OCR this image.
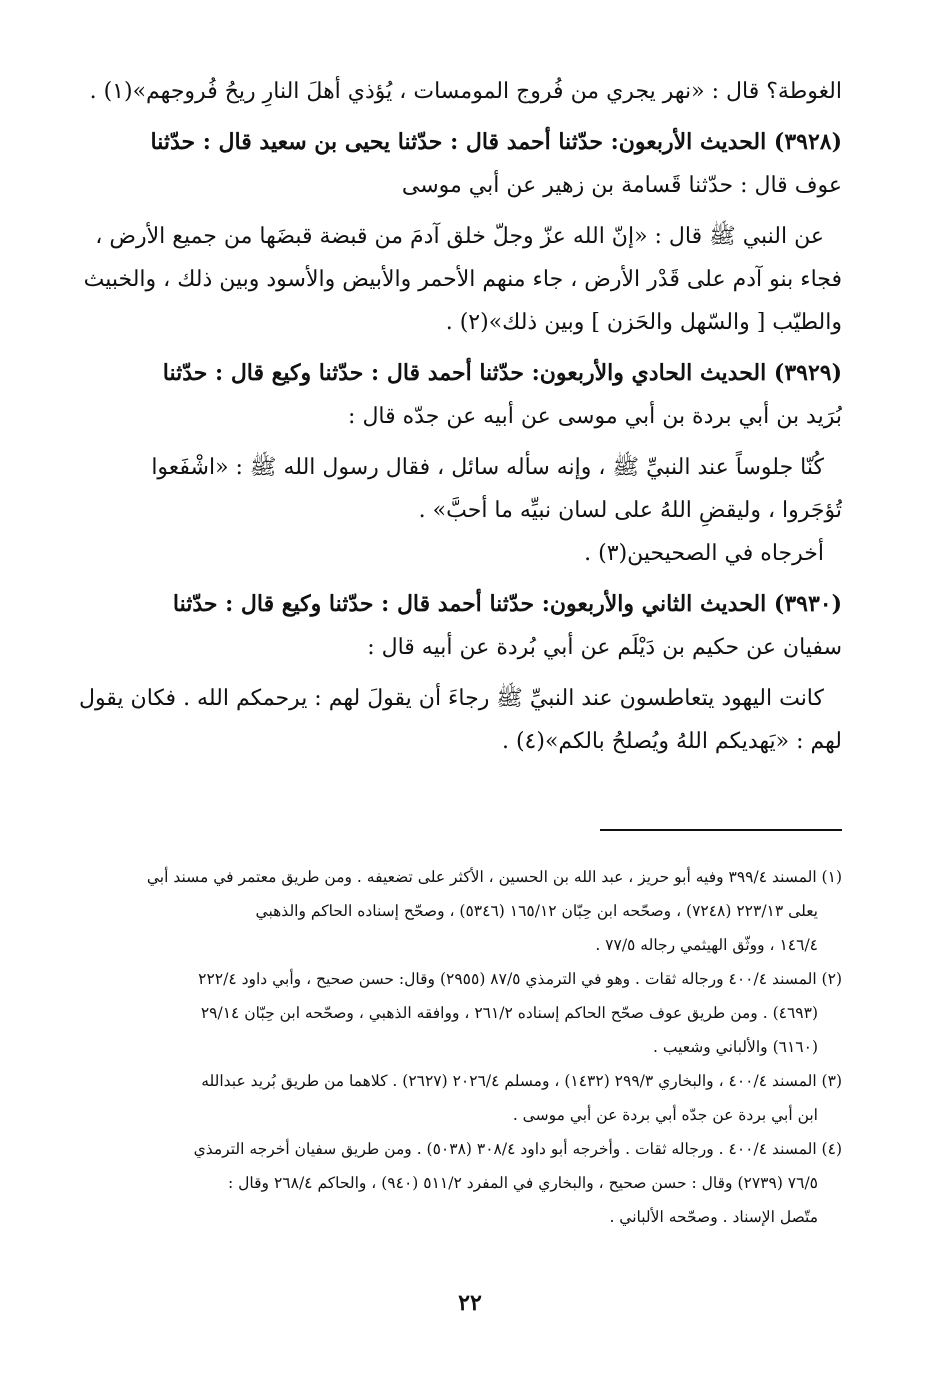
الغوطة؟ قال : «نهر يجري من فُروج المومسات ، يُؤذي أهلَ النارِ ريحُ فُروجهم»(١) .

(٣٩٢٨) الحديث الأربعون: حدّثنا أحمد قال : حدّثنا يحيى بن سعيد قال : حدّثنا

عوف قال : حدّثنا قَسامة بن زهير عن أبي موسى

عن النبي ﷺ قال : «إنّ الله عزّ وجلّ خلق آدمَ من قبضة قبضَها من جميع الأرض ،

فجاء بنو آدم على قَدْر الأرض ، جاء منهم الأحمر والأبيض والأسود وبين ذلك ، والخبيث

والطيّب [ والسّهل والحَزن ] وبين ذلك»(٢) .

(٣٩٢٩) الحديث الحادي والأربعون: حدّثنا أحمد قال : حدّثنا وكيع قال : حدّثنا

بُرَيد بن أبي بردة بن أبي موسى عن أبيه عن جدّه قال :

كُنّا جلوساً عند النبيِّ ﷺ ، وإنه سأله سائل ، فقال رسول الله ﷺ : «اشْفَعوا

تُؤجَروا ، وليقضِ اللهُ على لسان نبيِّه ما أحبَّ» .

أخرجاه في الصحيحين(٣) .

(٣٩٣٠) الحديث الثاني والأربعون: حدّثنا أحمد قال : حدّثنا وكيع قال : حدّثنا

سفيان عن حكيم بن دَيْلَم عن أبي بُردة عن أبيه قال :

كانت اليهود يتعاطسون عند النبيِّ ﷺ رجاءَ أن يقولَ لهم : يرحمكم الله . فكان يقول

لهم : «يَهديكم اللهُ ويُصلحُ بالكم»(٤) .

(١) المسند ٣٩٩/٤ وفيه أبو حريز ، عبد الله بن الحسين ، الأكثر على تضعيفه . ومن طريق معتمر في مسند أبي

يعلى ٢٢٣/١٣ (٧٢٤٨) ، وصحّحه ابن حِبّان ١٦٥/١٢ (٥٣٤٦) ، وصحّح إسناده الحاكم والذهبي

١٤٦/٤ ، ووثّق الهيثمي رجاله ٧٧/٥ .

(٢) المسند ٤٠٠/٤ ورجاله ثقات . وهو في الترمذي ٨٧/٥ (٢٩٥٥) وقال: حسن صحيح ، وأبي داود ٢٢٢/٤

(٤٦٩٣) . ومن طريق عوف صحّح الحاكم إسناده ٢٦١/٢ ، ووافقه الذهبي ، وصحّحه ابن حِبّان ٢٩/١٤

(٦١٦٠) والألباني وشعيب .

(٣) المسند ٤٠٠/٤ ، والبخاري ٢٩٩/٣ (١٤٣٢) ، ومسلم ٢٠٢٦/٤ (٢٦٢٧) . كلاهما من طريق بُريد عبدالله

ابن أبي بردة عن جدّه أبي بردة عن أبي موسى .

(٤) المسند ٤٠٠/٤ . ورجاله ثقات . وأخرجه أبو داود ٣٠٨/٤ (٥٠٣٨) . ومن طريق سفيان أخرجه الترمذي

٧٦/٥ (٢٧٣٩) وقال : حسن صحيح ، والبخاري في المفرد ٥١١/٢ (٩٤٠) ، والحاكم ٢٦٨/٤ وقال :

متّصل الإسناد . وصحّحه الألباني .

٢٢
